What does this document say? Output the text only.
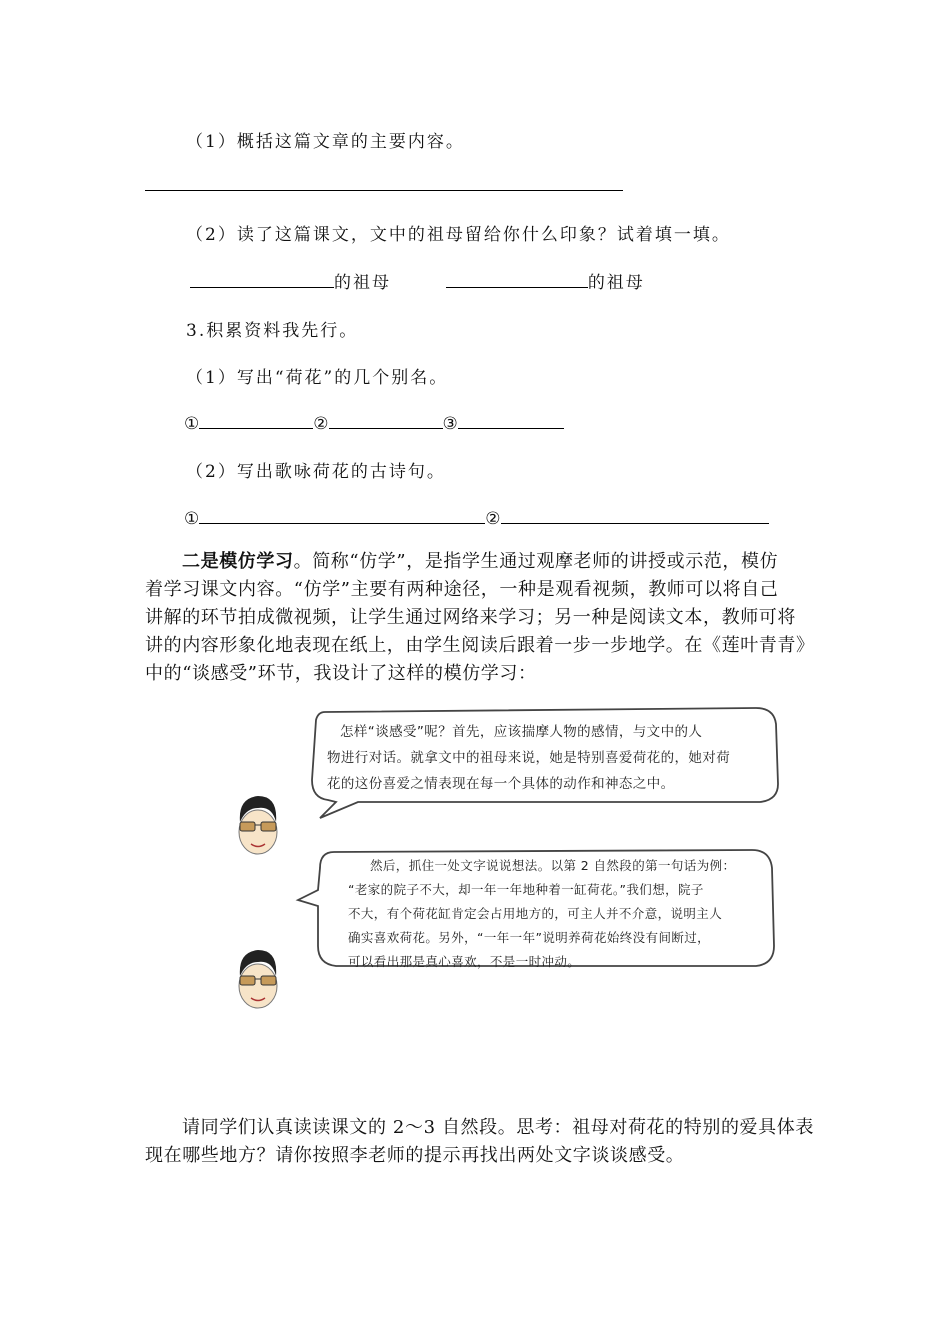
（1）概括这篇文章的主要内容。
（2）读了这篇课文，文中的祖母留给你什么印象？试着填一填。
的祖母	的祖母
3.积累资料我先行。
（1）写出“荷花”的几个别名。
①	②	③
（2）写出歌咏荷花的古诗句。
①	②
二是模仿学习。简称“仿学”，是指学生通过观摩老师的讲授或示范，模仿
着学习课文内容。“仿学”主要有两种途径，一种是观看视频，教师可以将自己
讲解的环节拍成微视频，让学生通过网络来学习；另一种是阅读文本，教师可将
讲的内容形象化地表现在纸上，由学生阅读后跟着一步一步地学。在《莲叶青青》
中的“谈感受”环节，我设计了这样的模仿学习：
怎样“谈感受”呢？首先，应该揣摩人物的感情，与文中的人
物进行对话。就拿文中的祖母来说，她是特别喜爱荷花的，她对荷
花的这份喜爱之情表现在每一个具体的动作和神态之中。
然后，抓住一处文字说说想法。以第 2 自然段的第一句话为例：
“老家的院子不大，却一年一年地种着一缸荷花。”我们想，院子
不大，有个荷花缸肯定会占用地方的，可主人并不介意，说明主人
确实喜欢荷花。另外，“一年一年”说明养荷花始终没有间断过，
可以看出那是真心喜欢，不是一时冲动。
请同学们认真读读课文的 2～3 自然段。思考：祖母对荷花的特别的爱具体表
现在哪些地方？请你按照李老师的提示再找出两处文字谈谈感受。
